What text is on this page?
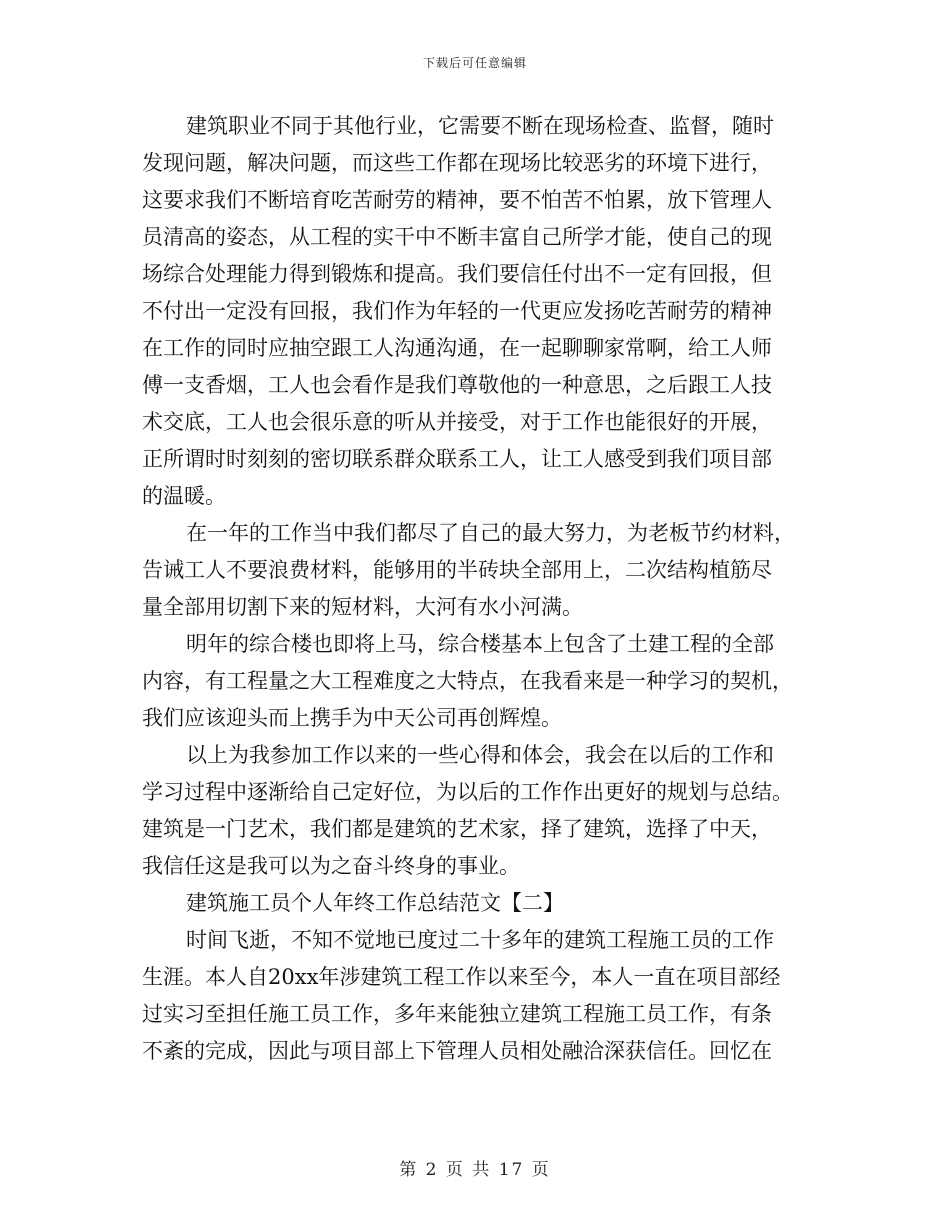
下载后可任意编辑
建筑职业不同于其他行业，它需要不断在现场检查、监督，随时
发现问题，解决问题，而这些工作都在现场比较恶劣的环境下进行，
这要求我们不断培育吃苦耐劳的精神，要不怕苦不怕累，放下管理人
员清高的姿态，从工程的实干中不断丰富自己所学才能，使自己的现
场综合处理能力得到锻炼和提高。我们要信任付出不一定有回报，但
不付出一定没有回报，我们作为年轻的一代更应发扬吃苦耐劳的精神
在工作的同时应抽空跟工人沟通沟通，在一起聊聊家常啊，给工人师
傅一支香烟，工人也会看作是我们尊敬他的一种意思，之后跟工人技
术交底，工人也会很乐意的听从并接受，对于工作也能很好的开展，
正所谓时时刻刻的密切联系群众联系工人，让工人感受到我们项目部
的温暖。
在一年的工作当中我们都尽了自己的最大努力，为老板节约材料，
告诫工人不要浪费材料，能够用的半砖块全部用上，二次结构植筋尽
量全部用切割下来的短材料，大河有水小河满。
明年的综合楼也即将上马，综合楼基本上包含了土建工程的全部
内容，有工程量之大工程难度之大特点，在我看来是一种学习的契机，
我们应该迎头而上携手为中天公司再创辉煌。
以上为我参加工作以来的一些心得和体会，我会在以后的工作和
学习过程中逐渐给自己定好位，为以后的工作作出更好的规划与总结。
建筑是一门艺术，我们都是建筑的艺术家，择了建筑，选择了中天，
我信任这是我可以为之奋斗终身的事业。
建筑施工员个人年终工作总结范文【二】
时间飞逝，不知不觉地已度过二十多年的建筑工程施工员的工作
生涯。本人自20xx年涉建筑工程工作以来至今，本人一直在项目部经
过实习至担任施工员工作，多年来能独立建筑工程施工员工作，有条
不紊的完成，因此与项目部上下管理人员相处融洽深获信任。回忆在
第 2 页 共 17 页
